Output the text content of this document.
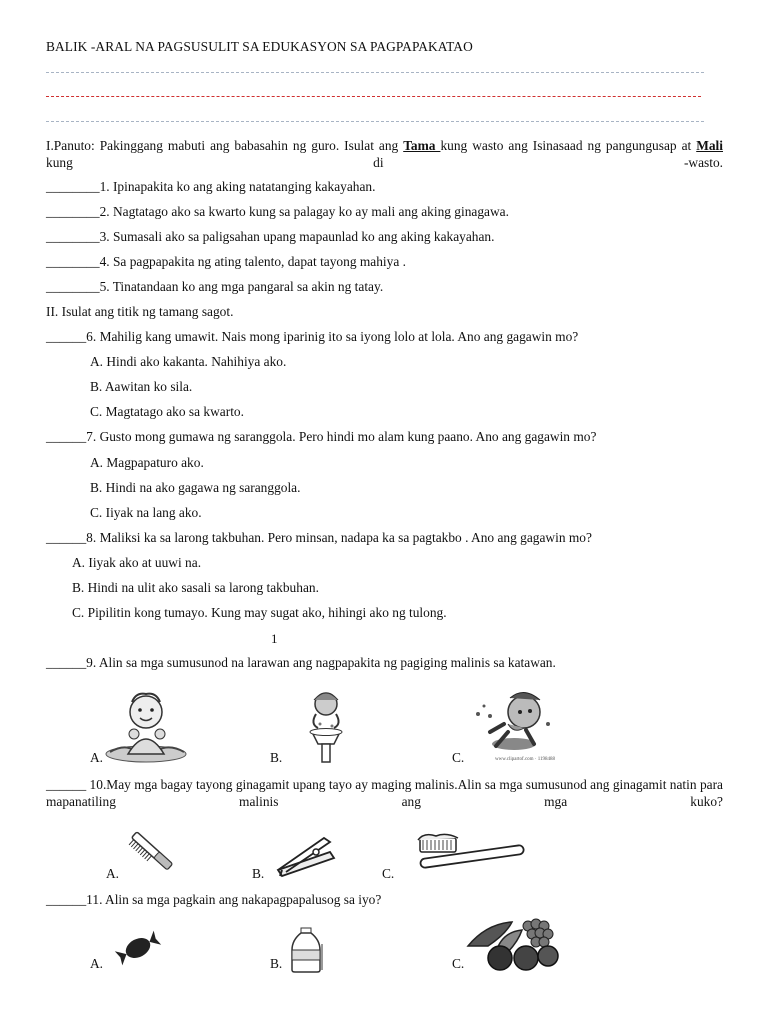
BALIK -ARAL NA PAGSUSULIT SA EDUKASYON SA PAGPAPAKATAO
I.Panuto: Pakinggang mabuti ang babasahin ng guro. Isulat ang Tama kung wasto ang Isinasaad ng pangungusap at Mali kung di -wasto.
________1. Ipinapakita ko ang aking natatanging kakayahan.
________2. Nagtatago ako sa kwarto kung sa palagay ko ay mali ang aking ginagawa.
________3. Sumasali ako sa paligsahan upang mapaunlad ko ang aking kakayahan.
________4. Sa pagpapakita ng ating talento, dapat tayong mahiya .
________5. Tinatandaan ko ang mga pangaral sa akin ng tatay.
II. Isulat ang titik ng tamang sagot.
______6. Mahilig kang umawit. Nais mong iparinig ito sa iyong lolo at lola. Ano ang gagawin mo?
A. Hindi ako kakanta. Nahihiya ako.
B. Aawitan ko sila.
C. Magtatago ako sa kwarto.
______7. Gusto mong gumawa ng saranggola. Pero hindi mo alam kung paano. Ano ang gagawin mo?
A. Magpapaturo ako.
B. Hindi na ako gagawa ng saranggola.
C. Iiyak na lang ako.
______8. Maliksi ka sa larong takbuhan. Pero minsan, nadapa ka sa pagtakbo . Ano ang gagawin mo?
A. Iiyak ako at uuwi na.
B. Hindi na ulit ako sasali sa larong takbuhan.
C. Pipilitin kong tumayo. Kung may sugat ako, hihingi ako ng tulong.
1
______9. Alin sa mga sumusunod na larawan ang nagpapakita ng pagiging malinis sa katawan.
www.clipartof.com · 1198488
A.	B.	C.
______ 10.May mga bagay tayong ginagamit upang tayo ay maging malinis.Alin sa mga sumusunod ang ginagamit natin para mapanatiling malinis ang mga kuko?
A.	B.	C.
______11. Alin sa mga pagkain ang nakapagpapalusog sa iyo?
A.	B.	C.
